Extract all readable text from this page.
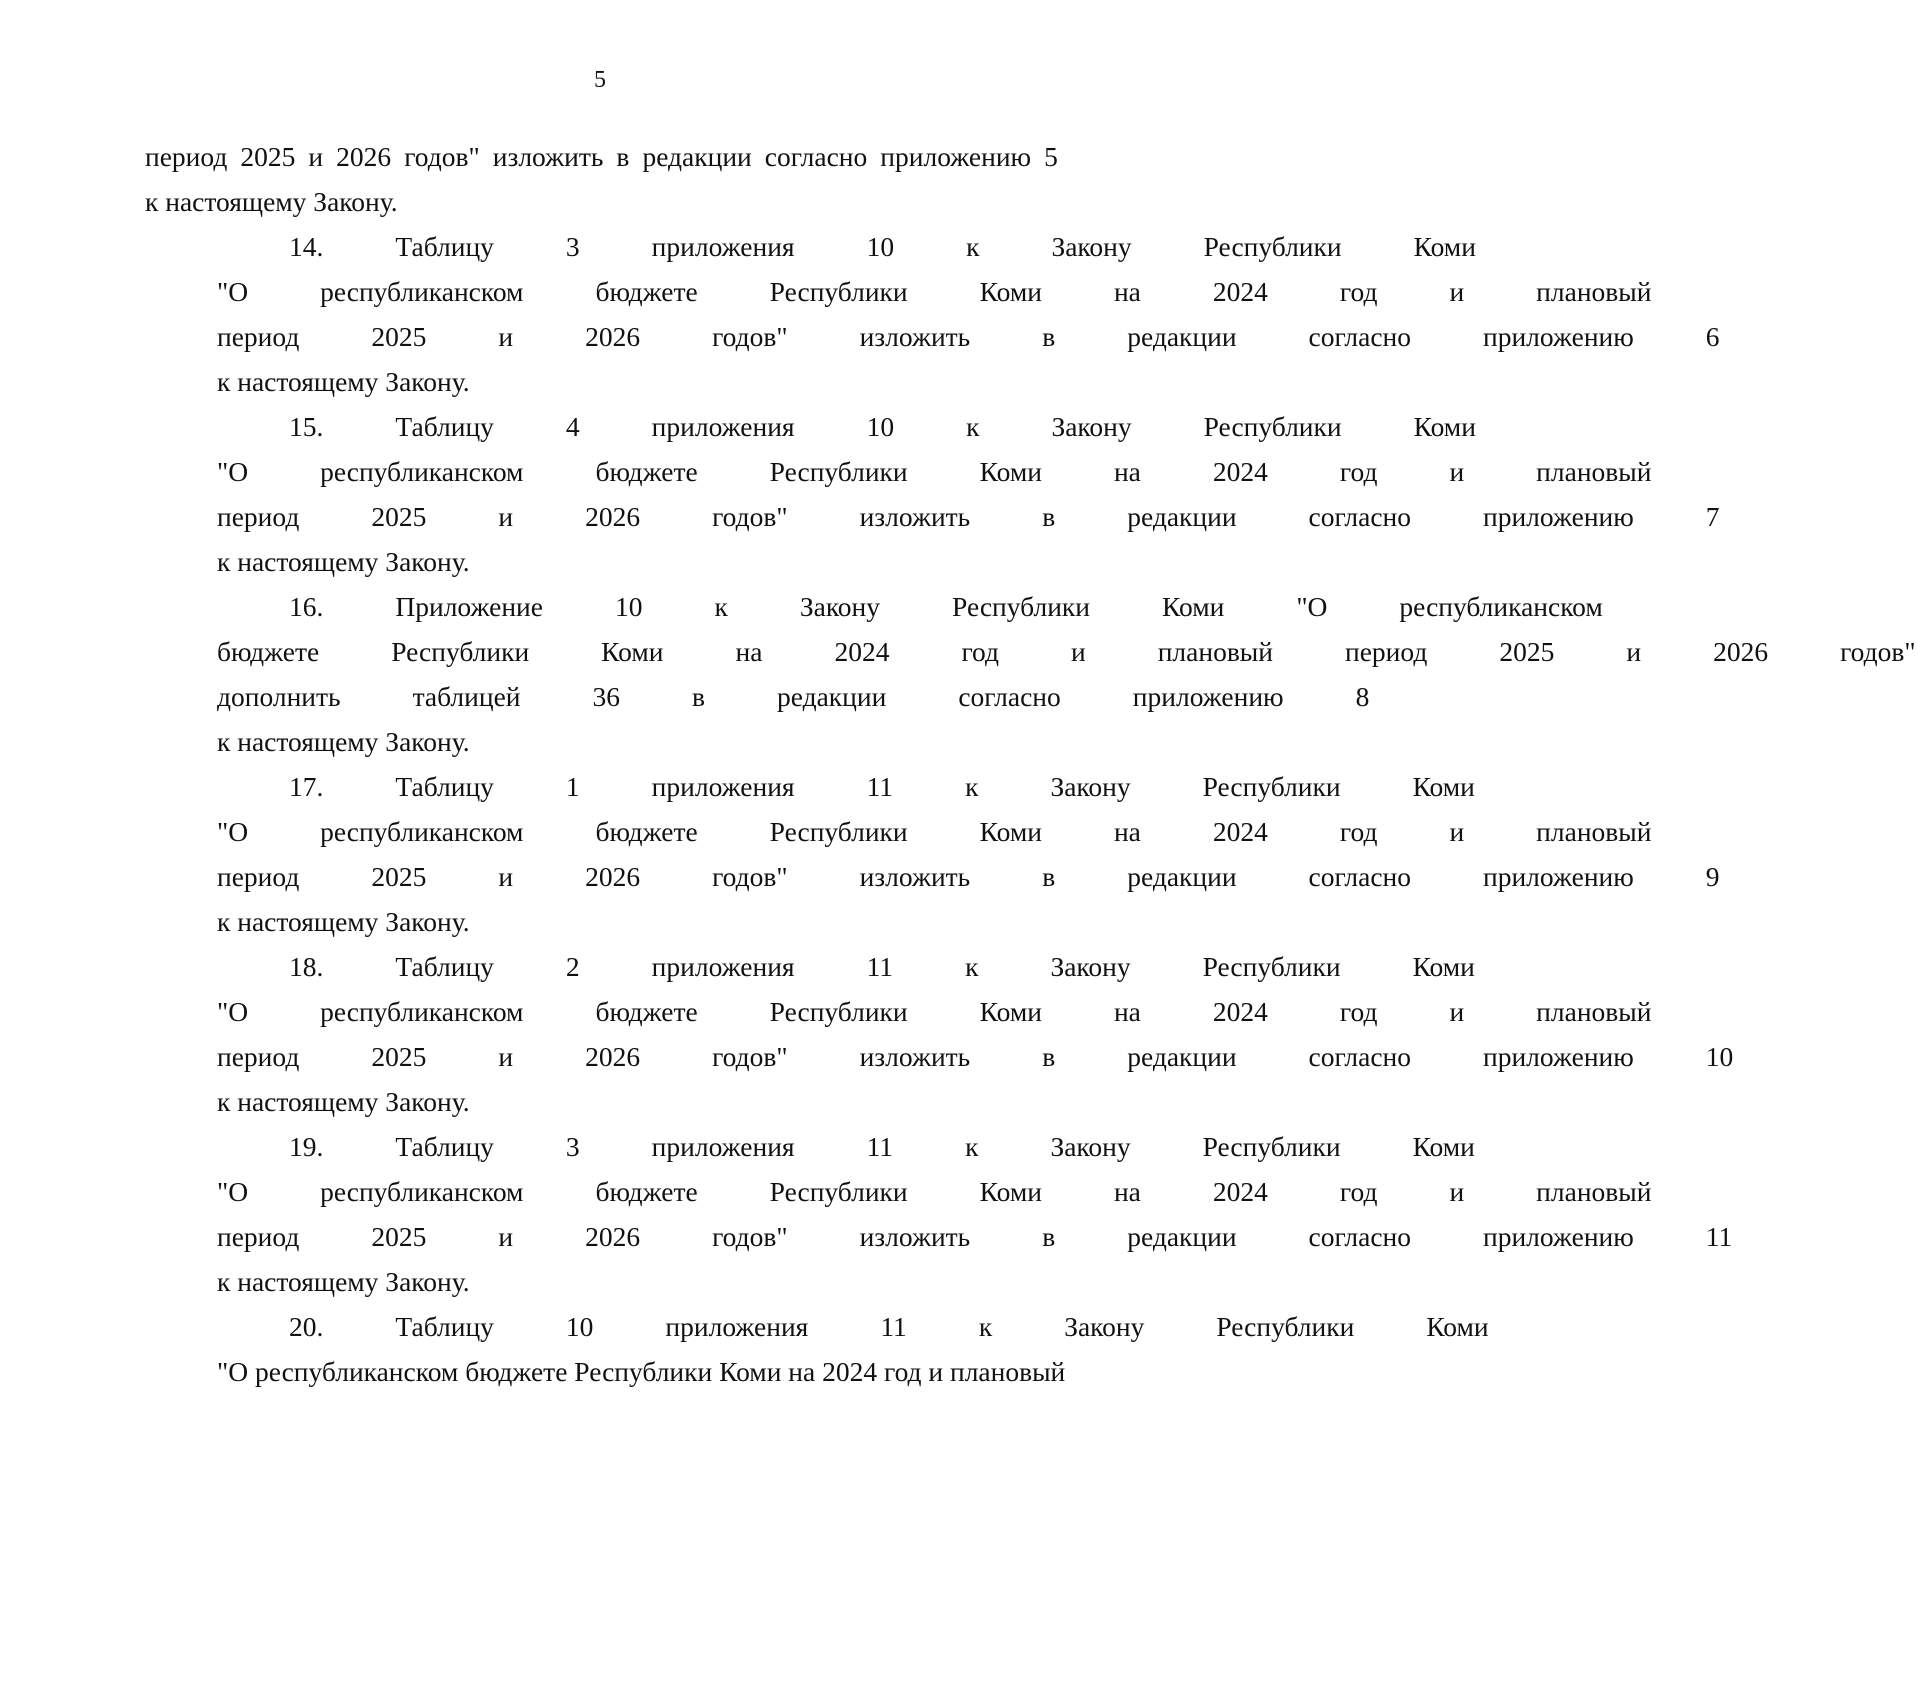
5
период 2025 и 2026 годов" изложить в редакции согласно приложению 5
к настоящему Закону.
14.	Таблицу	3	приложения	10	к	Закону	Республики	Коми
"О	республиканском	бюджете	Республики	Коми	на	2024	год	и	плановый
период	2025	и	2026	годов"	изложить	в	редакции	согласно	приложению	6
к настоящему Закону.
15.	Таблицу	4	приложения	10	к	Закону	Республики	Коми
"О	республиканском	бюджете	Республики	Коми	на	2024	год	и	плановый
период	2025	и	2026	годов"	изложить	в	редакции	согласно	приложению	7
к настоящему Закону.
16.	Приложение	10	к	Закону	Республики	Коми	"О	республиканском
бюджете	Республики	Коми	на	2024	год	и	плановый	период	2025	и	2026	годов"
дополнить	таблицей	36	в	редакции	согласно	приложению	8
к настоящему Закону.
17.	Таблицу	1	приложения	11	к	Закону	Республики	Коми
"О	республиканском	бюджете	Республики	Коми	на	2024	год	и	плановый
период	2025	и	2026	годов"	изложить	в	редакции	согласно	приложению	9
к настоящему Закону.
18.	Таблицу	2	приложения	11	к	Закону	Республики	Коми
"О	республиканском	бюджете	Республики	Коми	на	2024	год	и	плановый
период	2025	и	2026	годов"	изложить	в	редакции	согласно	приложению	10
к настоящему Закону.
19.	Таблицу	3	приложения	11	к	Закону	Республики	Коми
"О	республиканском	бюджете	Республики	Коми	на	2024	год	и	плановый
период	2025	и	2026	годов"	изложить	в	редакции	согласно	приложению	11
к настоящему Закону.
20.	Таблицу	10	приложения	11	к	Закону	Республики	Коми
"О республиканском бюджете Республики Коми на 2024 год и плановый
